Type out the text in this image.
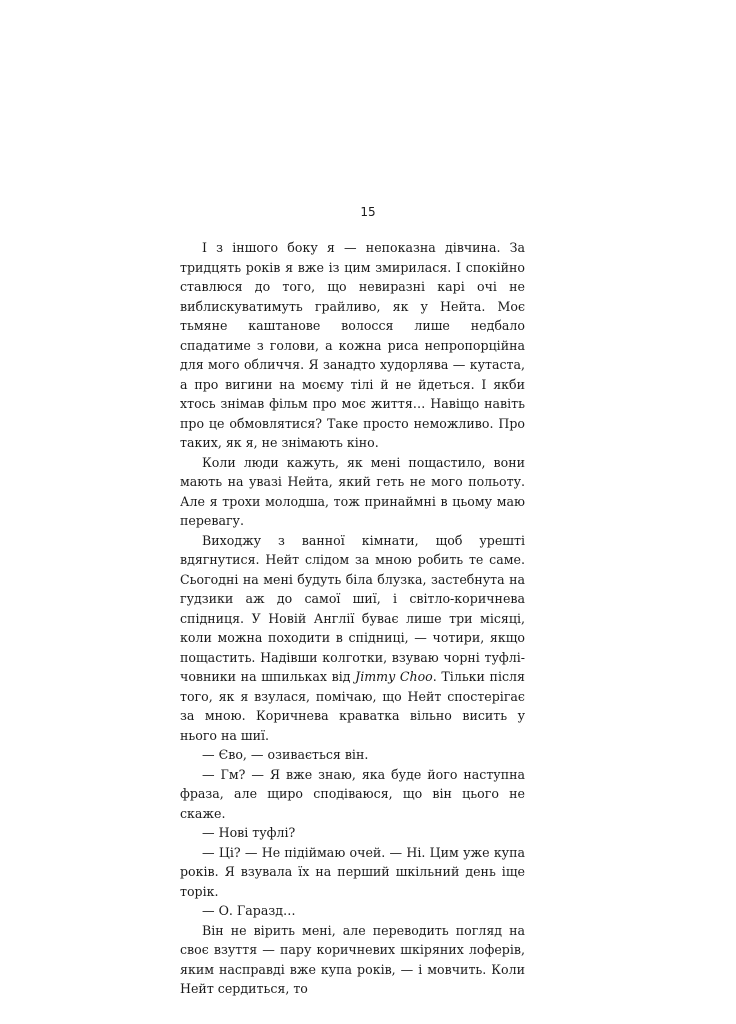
15

І з іншого боку я — непоказна дівчина. За тридцять років я вже із цим змирилася. І спокійно ставлюся до того, що невиразні карі очі не виблискуватимуть грайливо, як у Нейта. Моє тьмяне каштанове волосся лише недбало спадатиме з голови, а кожна риса непропорційна для мого обличчя. Я занадто худорлява — кутаста, а про вигини на моєму тілі й не йдеться. І якби хтось знімав фільм про моє життя… Навіщо навіть про це обмовлятися? Таке просто неможливо. Про таких, як я, не знімають кіно.

Коли люди кажуть, як мені пощастило, вони мають на увазі Нейта, який геть не мого польоту. Але я трохи молодша, тож принаймні в цьому маю перевагу.

Виходжу з ванної кімнати, щоб урешті вдягнутися. Нейт слідом за мною робить те саме. Сьогодні на мені будуть біла блузка, застебнута на гудзики аж до самої шиї, і світло-коричнева спідниця. У Новій Англії буває лише три місяці, коли можна походити в спідниці, — чотири, якщо пощастить. Надівши колготки, взуваю чорні туфлі-човники на шпильках від Jimmy Choo. Тільки після того, як я взулася, помічаю, що Нейт спостерігає за мною. Коричнева краватка вільно висить у нього на шиї.

— Єво, — озивається він.

— Гм? — Я вже знаю, яка буде його наступна фраза, але щиро сподіваюся, що він цього не скаже.

— Нові туфлі?

— Ці? — Не підіймаю очей. — Ні. Цим уже купа років. Я взувала їх на перший шкільний день іще торік.

— О. Гаразд…

Він не вірить мені, але переводить погляд на своє взуття — пару коричневих шкіряних лоферів, яким насправді вже купа років, — і мовчить. Коли Нейт сердиться, то
